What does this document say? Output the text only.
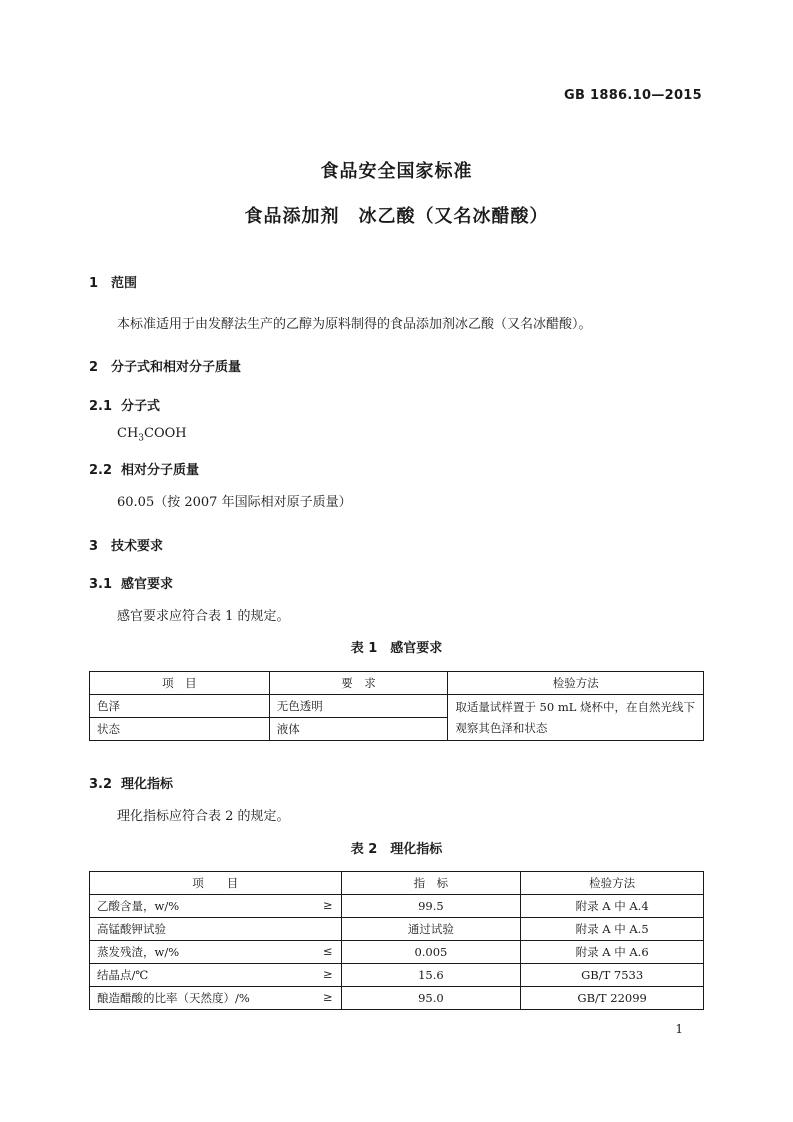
GB 1886.10—2015
食品安全国家标准
食品添加剂　冰乙酸（又名冰醋酸）
1 范围
本标准适用于由发酵法生产的乙醇为原料制得的食品添加剂冰乙酸（又名冰醋酸）。
2 分子式和相对分子质量
2.1 分子式
$CH_3COOH$
2.2 相对分子质量
60.05（按 2007 年国际相对原子质量）
3 技术要求
3.1 感官要求
感官要求应符合表 1 的规定。
表 1　感官要求
项　目	要　求	检验方法
色泽	无色透明	取适量试样置于 50 mL 烧杯中，在自然光线下
观察其色泽和状态

状态	液体	
3.2 理化指标
理化指标应符合表 2 的规定。
表 2　理化指标
项　　目	指　标	检验方法
乙酸含量，w/% ≥	99.5	附录 A 中 A.4
高锰酸钾试验	通过试验	附录 A 中 A.5
蒸发残渣，w/% ≤	0.005	附录 A 中 A.6
结晶点/℃ ≥	15.6	GB/T 7533
酿造醋酸的比率（天然度）/% ≥	95.0	GB/T 22099
1
